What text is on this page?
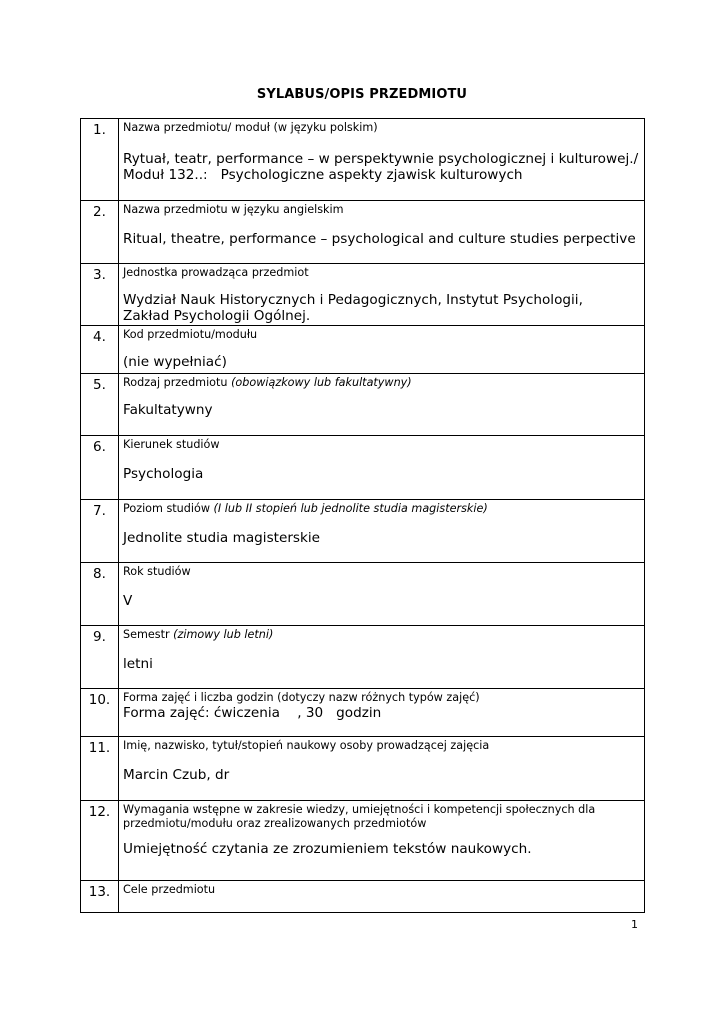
SYLABUS/OPIS PRZEDMIOTU
1.	Nazwa przedmiotu/ moduł (w języku polskim)
Rytuał, teatr, performance – w perspektywnie psychologicznej i kulturowej./
Moduł 132..:   Psychologiczne aspekty zjawisk kulturowych

2.	Nazwa przedmiotu w języku angielskim
Ritual, theatre, performance – psychological and culture studies perpective

3.	Jednostka prowadząca przedmiot
Wydział Nauk Historycznych i Pedagogicznych, Instytut Psychologii,
Zakład Psychologii Ogólnej.

4.	Kod przedmiotu/modułu
(nie wypełniać)

5.	Rodzaj przedmiotu (obowiązkowy lub fakultatywny)
Fakultatywny

6.	Kierunek studiów
Psychologia

7.	Poziom studiów (I lub II stopień lub jednolite studia magisterskie)
Jednolite studia magisterskie

8.	Rok studiów
V

9.	Semestr (zimowy lub letni)
letni

10.	Forma zajęć i liczba godzin (dotyczy nazw różnych typów zajęć)
Forma zajęć: ćwiczenia    , 30   godzin

11.	Imię, nazwisko, tytuł/stopień naukowy osoby prowadzącej zajęcia
Marcin Czub, dr

12.	Wymagania wstępne w zakresie wiedzy, umiejętności i kompetencji społecznych dla przedmiotu/modułu oraz zrealizowanych przedmiotów
Umiejętność czytania ze zrozumieniem tekstów naukowych.

13.	Cele przedmiotu
1
